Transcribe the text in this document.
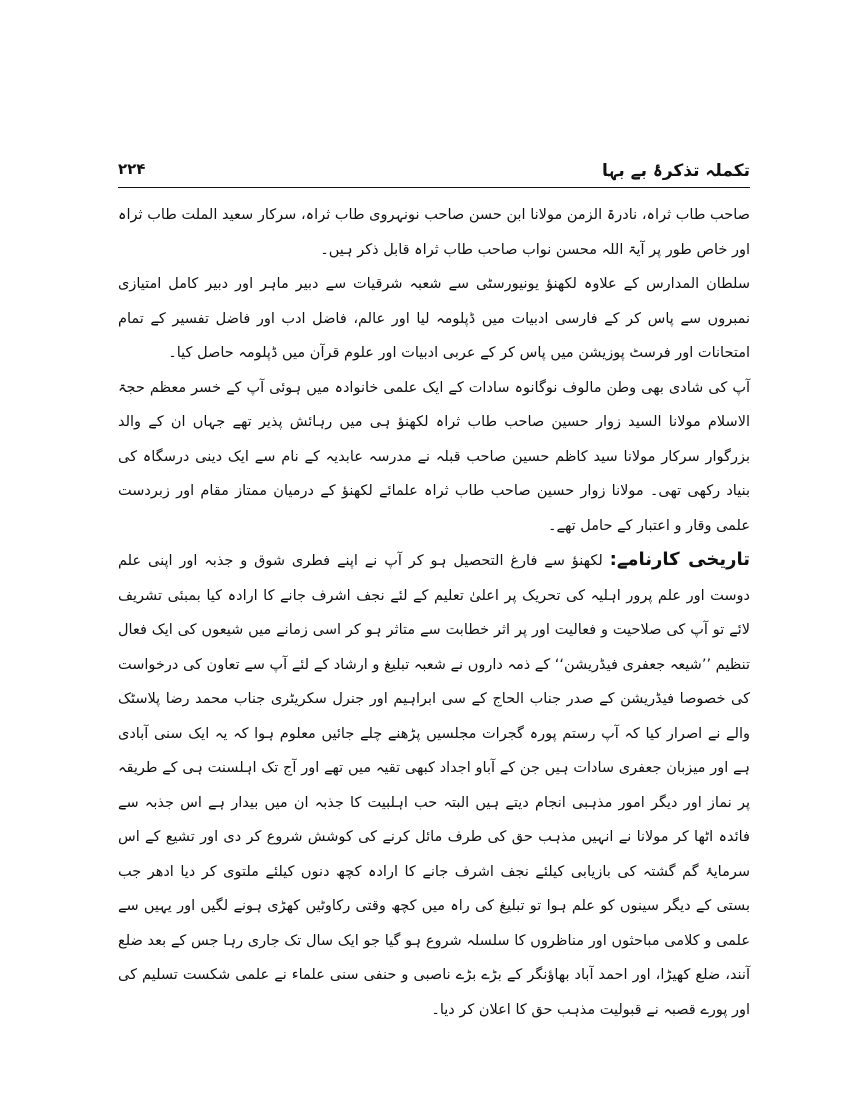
۲۲۴	تکملہ تذکرۂ بے بہا

صاحب طاب ثراہ، نادرۃ الزمن مولانا ابن حسن صاحب نونہروی طاب ثراہ، سرکار سعید الملت طاب ثراہ اور خاص طور پر آیۃ اللہ محسن نواب صاحب طاب ثراہ قابل ذکر ہیں۔

سلطان المدارس کے علاوہ لکھنؤ یونیورسٹی سے شعبہ شرقیات سے دبیر ماہر اور دبیر کامل امتیازی نمبروں سے پاس کر کے فارسی ادبیات میں ڈپلومہ لیا اور عالم، فاضل ادب اور فاضل تفسیر کے تمام امتحانات اور فرسٹ پوزیشن میں پاس کر کے عربی ادبیات اور علوم قرآن میں ڈپلومہ حاصل کیا۔

آپ کی شادی بھی وطن مالوف نوگانوہ سادات کے ایک علمی خانوادہ میں ہوئی آپ کے خسر معظم حجۃ الاسلام مولانا السید زوار حسین صاحب طاب ثراہ لکھنؤ ہی میں رہائش پذیر تھے جہاں ان کے والد بزرگوار سرکار مولانا سید کاظم حسین صاحب قبلہ نے مدرسہ عابدیہ کے نام سے ایک دینی درسگاہ کی بنیاد رکھی تھی۔ مولانا زوار حسین صاحب طاب ثراہ علمائے لکھنؤ کے درمیان ممتاز مقام اور زبردست علمی وقار و اعتبار کے حامل تھے۔

تاریخی کارنامے: لکھنؤ سے فارغ التحصیل ہو کر آپ نے اپنے فطری شوق و جذبہ اور اپنی علم دوست اور علم پرور اہلیہ کی تحریک پر اعلیٰ تعلیم کے لئے نجف اشرف جانے کا ارادہ کیا بمبئی تشریف لائے تو آپ کی صلاحیت و فعالیت اور پر اثر خطابت سے متاثر ہو کر اسی زمانے میں شیعوں کی ایک فعال تنظیم ’’شیعہ جعفری فیڈریشن‘‘ کے ذمہ داروں نے شعبہ تبلیغ و ارشاد کے لئے آپ سے تعاون کی درخواست کی خصوصا فیڈریشن کے صدر جناب الحاج کے سی ابراہیم اور جنرل سکریٹری جناب محمد رضا پلاسٹک والے نے اصرار کیا کہ آپ رستم پورہ گجرات مجلسیں پڑھنے چلے جائیں معلوم ہوا کہ یہ ایک سنی آبادی ہے اور میزبان جعفری سادات ہیں جن کے آباو اجداد کبھی تقیہ میں تھے اور آج تک اہلسنت ہی کے طریقہ پر نماز اور دیگر امور مذہبی انجام دیتے ہیں البتہ حب اہلبیت کا جذبہ ان میں بیدار ہے اس جذبہ سے فائدہ اٹھا کر مولانا نے انہیں مذہب حق کی طرف مائل کرنے کی کوشش شروع کر دی اور تشیع کے اس سرمایۂ گم گشتہ کی بازیابی کیلئے نجف اشرف جانے کا ارادہ کچھ دنوں کیلئے ملتوی کر دیا ادھر جب بستی کے دیگر سینوں کو علم ہوا تو تبلیغ کی راہ میں کچھ وقتی رکاوٹیں کھڑی ہونے لگیں اور یہیں سے علمی و کلامی مباحثوں اور مناظروں کا سلسلہ شروع ہو گیا جو ایک سال تک جاری رہا جس کے بعد ضلع آنند، ضلع کھیڑا، اور احمد آباد بھاؤنگر کے بڑے بڑے ناصبی و حنفی سنی علماء نے علمی شکست تسلیم کی اور پورے قصبہ نے قبولیت مذہب حق کا اعلان کر دیا۔
